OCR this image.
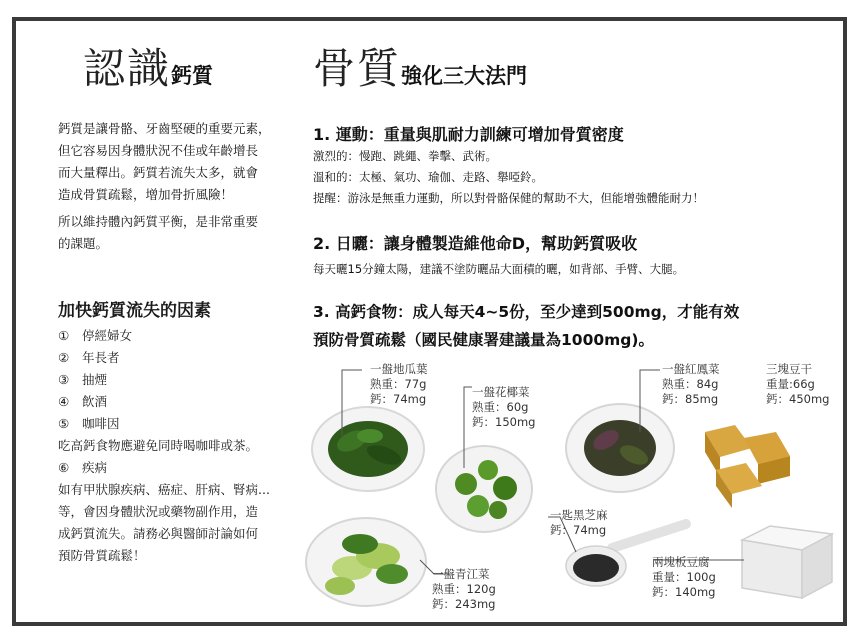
認識鈣質
鈣質是讓骨骼、牙齒堅硬的重要元素，
但它容易因身體狀況不佳或年齡增長
而大量釋出。鈣質若流失太多，就會
造成骨質疏鬆，增加骨折風險！
所以維持體內鈣質平衡，是非常重要
的課題。
加快鈣質流失的因素
① 停經婦女
② 年長者
③ 抽煙
④ 飲酒
⑤ 咖啡因
吃高鈣食物應避免同時喝咖啡或茶。
⑥ 疾病
如有甲狀腺疾病、癌症、肝病、腎病...
等，會因身體狀況或藥物副作用，造
成鈣質流失。請務必與醫師討論如何
預防骨質疏鬆！
骨質強化三大法門
1. 運動：重量與肌耐力訓練可增加骨質密度
激烈的：慢跑、跳繩、拳擊、武術。
溫和的：太極、氣功、瑜伽、走路、舉啞鈴。
提醒：游泳是無重力運動，所以對骨骼保健的幫助不大，但能增強體能耐力！
2. 日曬：讓身體製造維他命D，幫助鈣質吸收
每天曬15分鐘太陽，建議不塗防曬品大面積的曬，如背部、手臂、大腿。
3. 高鈣食物：成人每天4~5份，至少達到500mg，才能有效
預防骨質疏鬆（國民健康署建議量為1000mg)。
一盤地瓜葉
熟重：77g
鈣：74mg	一盤花椰菜
熟重：60g
鈣：150mg
一盤紅鳳菜
熟重：84g
鈣：85mg
三塊豆干
重量:66g
鈣：450mg
一匙黑芝麻
鈣：74mg
一盤青江菜
熟重：120g
鈣：243mg
兩塊板豆腐
重量：100g
鈣：140mg
